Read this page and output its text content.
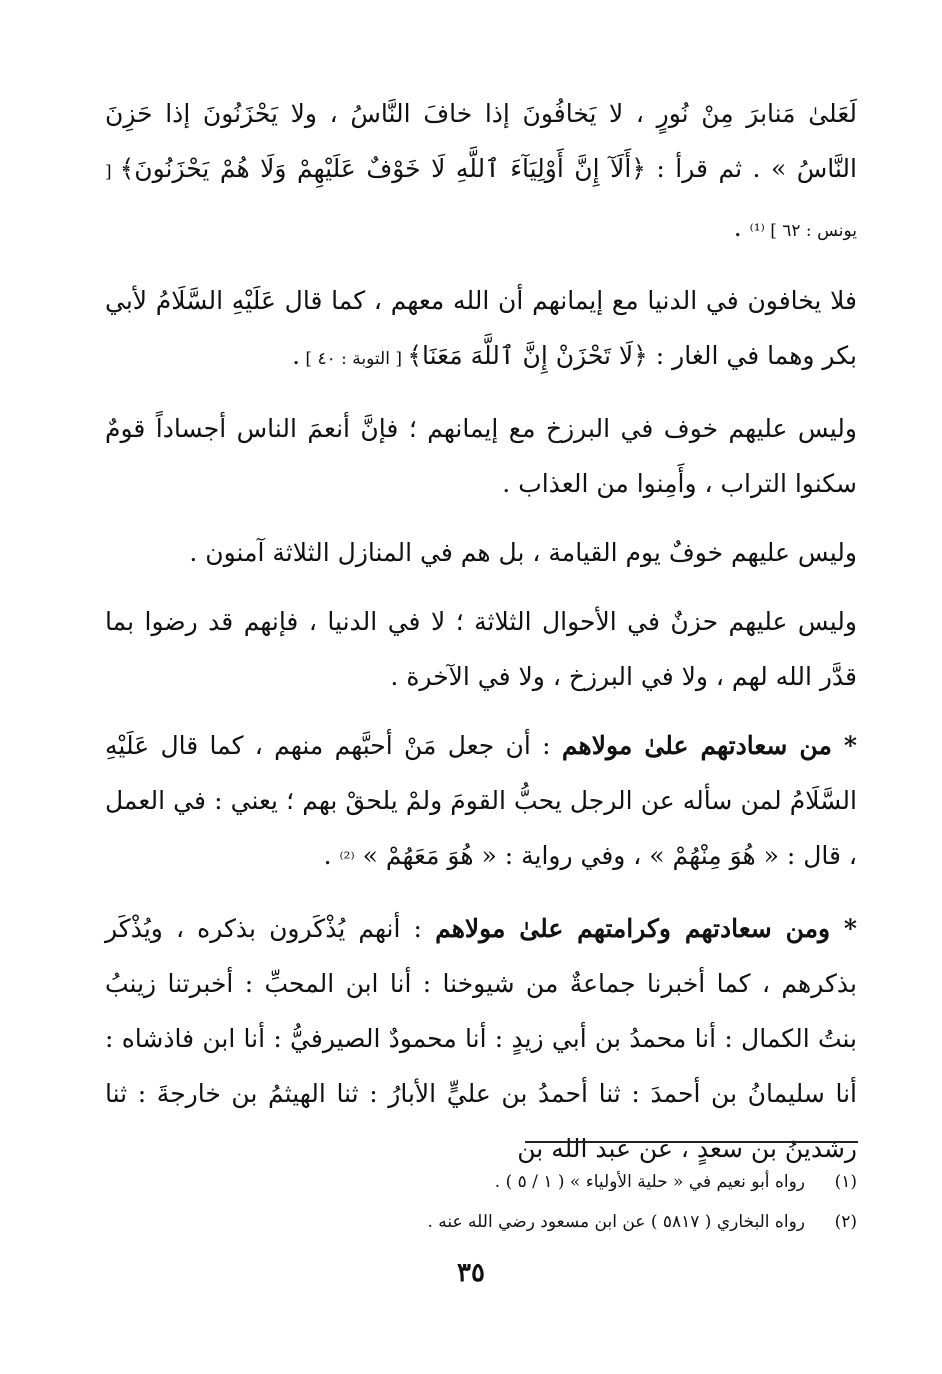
لَعَلىٰ مَنابرَ مِنْ نُورٍ ، لا يَخافُونَ إذا خافَ النَّاسُ ، ولا يَحْزَنُونَ إذا حَزِنَ النَّاسُ » . ثم قرأ : ﴿أَلَآ إِنَّ أَوْلِيَآءَ ٱللَّهِ لَا خَوْفٌ عَلَيْهِمْ وَلَا هُمْ يَحْزَنُونَ﴾ [ يونس : ٦٢ ] ⁽¹⁾ .

فلا يخافون في الدنيا مع إيمانهم أن الله معهم ، كما قال عَلَيْهِ السَّلَامُ لأبي بكر وهما في الغار : ﴿لَا تَحْزَنْ إِنَّ ٱللَّهَ مَعَنَا﴾ [ التوبة : ٤٠ ] .

وليس عليهم خوف في البرزخ مع إيمانهم ؛ فإنَّ أنعمَ الناس أجساداً قومٌ سكنوا التراب ، وأَمِنوا من العذاب .

وليس عليهم خوفٌ يوم القيامة ، بل هم في المنازل الثلاثة آمنون .

وليس عليهم حزنٌ في الأحوال الثلاثة ؛ لا في الدنيا ، فإنهم قد رضوا بما قدَّر الله لهم ، ولا في البرزخ ، ولا في الآخرة .

* من سعادتهم علىٰ مولاهم : أن جعل مَنْ أحبَّهم منهم ، كما قال عَلَيْهِ السَّلَامُ لمن سأله عن الرجل يحبُّ القومَ ولمْ يلحقْ بهم ؛ يعني : في العمل ، قال : « هُوَ مِنْهُمْ » ، وفي رواية : « هُوَ مَعَهُمْ » ⁽²⁾ .

* ومن سعادتهم وكرامتهم علىٰ مولاهم : أنهم يُذْكَرون بذكره ، ويُذْكَر بذكرهم ، كما أخبرنا جماعةٌ من شيوخنا : أنا ابن المحبِّ : أخبرتنا زينبُ بنتُ الكمال : أنا محمدُ بن أبي زيدٍ : أنا محمودٌ الصيرفيُّ : أنا ابن فاذشاه : أنا سليمانُ بن أحمدَ : ثنا أحمدُ بن عليٍّ الأبارُ : ثنا الهيثمُ بن خارجةَ : ثنا رشدينُ بن سعدٍ ، عن عبد الله بن

(١)رواه أبو نعيم في « حلية الأولياء » ( ١ / ٥ ) .
(٢)رواه البخاري ( ٥٨١٧ ) عن ابن مسعود رضي الله عنه .
٣٥
